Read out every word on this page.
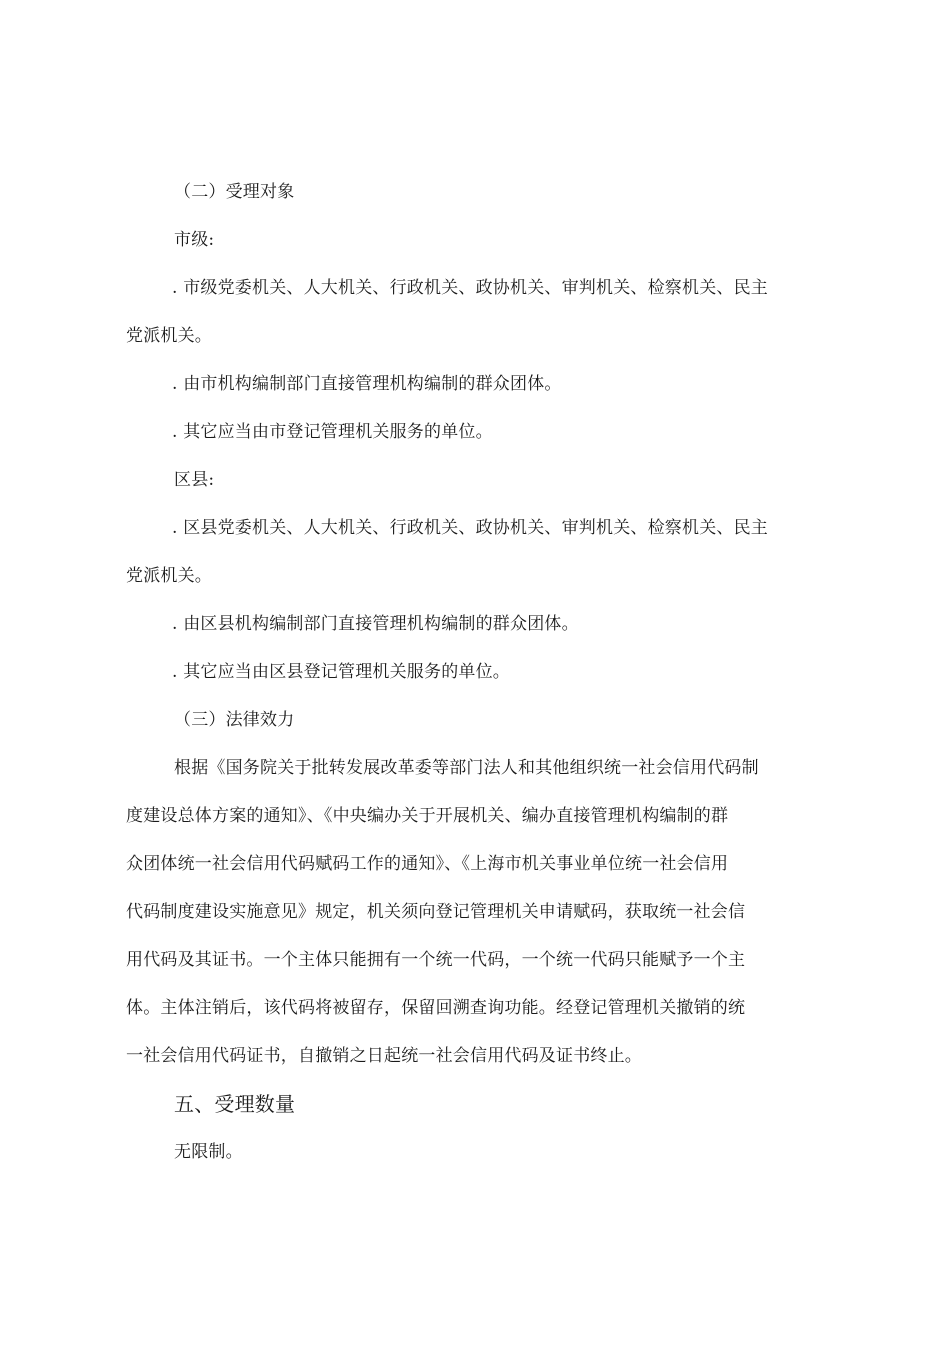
（二）受理对象
市级:
. 市级党委机关、人大机关、行政机关、政协机关、审判机关、检察机关、民主
党派机关。
. 由市机构编制部门直接管理机构编制的群众团体。
. 其它应当由市登记管理机关服务的单位。
区县:
. 区县党委机关、人大机关、行政机关、政协机关、审判机关、检察机关、民主
党派机关。
. 由区县机构编制部门直接管理机构编制的群众团体。
. 其它应当由区县登记管理机关服务的单位。
（三）法律效力
根据《国务院关于批转发展改革委等部门法人和其他组织统一社会信用代码制
度建设总体方案的通知》、《中央编办关于开展机关、编办直接管理机构编制的群
众团体统一社会信用代码赋码工作的通知》、《上海市机关事业单位统一社会信用
代码制度建设实施意见》规定，机关须向登记管理机关申请赋码，获取统一社会信
用代码及其证书。一个主体只能拥有一个统一代码，一个统一代码只能赋予一个主
体。主体注销后，该代码将被留存，保留回溯查询功能。经登记管理机关撤销的统
一社会信用代码证书，自撤销之日起统一社会信用代码及证书终止。
五、受理数量
无限制。
